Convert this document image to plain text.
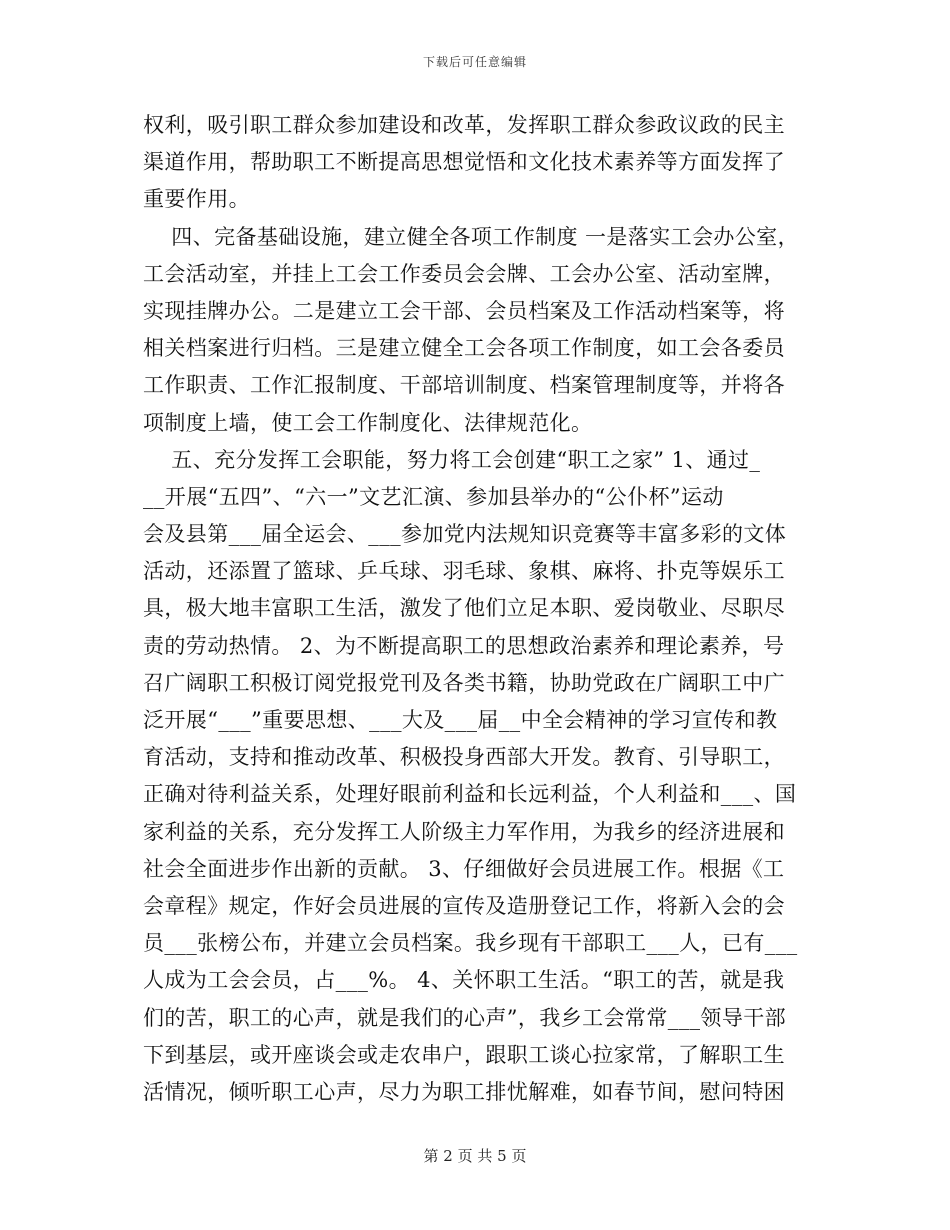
下载后可任意编辑
权利，吸引职工群众参加建设和改革，发挥职工群众参政议政的民主
渠道作用，帮助职工不断提高思想觉悟和文化技术素养等方面发挥了
重要作用。
四、完备基础设施，建立健全各项工作制度 一是落实工会办公室，
工会活动室，并挂上工会工作委员会会牌、工会办公室、活动室牌，
实现挂牌办公。二是建立工会干部、会员档案及工作活动档案等，将
相关档案进行归档。三是建立健全工会各项工作制度，如工会各委员
工作职责、工作汇报制度、干部培训制度、档案管理制度等，并将各
项制度上墙，使工会工作制度化、法律规范化。
五、充分发挥工会职能，努力将工会创建“职工之家” 1、通过_
__开展“五四”、“六一”文艺汇演、参加县举办的“公仆杯”运动
会及县第___届全运会、___参加党内法规知识竞赛等丰富多彩的文体
活动，还添置了篮球、乒乓球、羽毛球、象棋、麻将、扑克等娱乐工
具，极大地丰富职工生活，激发了他们立足本职、爱岗敬业、尽职尽
责的劳动热情。 2、为不断提高职工的思想政治素养和理论素养，号
召广阔职工积极订阅党报党刊及各类书籍，协助党政在广阔职工中广
泛开展“___”重要思想、___大及___届__中全会精神的学习宣传和教
育活动，支持和推动改革、积极投身西部大开发。教育、引导职工，
正确对待利益关系，处理好眼前利益和长远利益，个人利益和___、国
家利益的关系，充分发挥工人阶级主力军作用，为我乡的经济进展和
社会全面进步作出新的贡献。 3、仔细做好会员进展工作。根据《工
会章程》规定，作好会员进展的宣传及造册登记工作，将新入会的会
员___张榜公布，并建立会员档案。我乡现有干部职工___人，已有___
人成为工会会员，占___%。 4、关怀职工生活。“职工的苦，就是我
们的苦，职工的心声，就是我们的心声”，我乡工会常常___领导干部
下到基层，或开座谈会或走农串户，跟职工谈心拉家常，了解职工生
活情况，倾听职工心声，尽力为职工排忧解难，如春节间，慰问特困
第 2 页 共 5 页
